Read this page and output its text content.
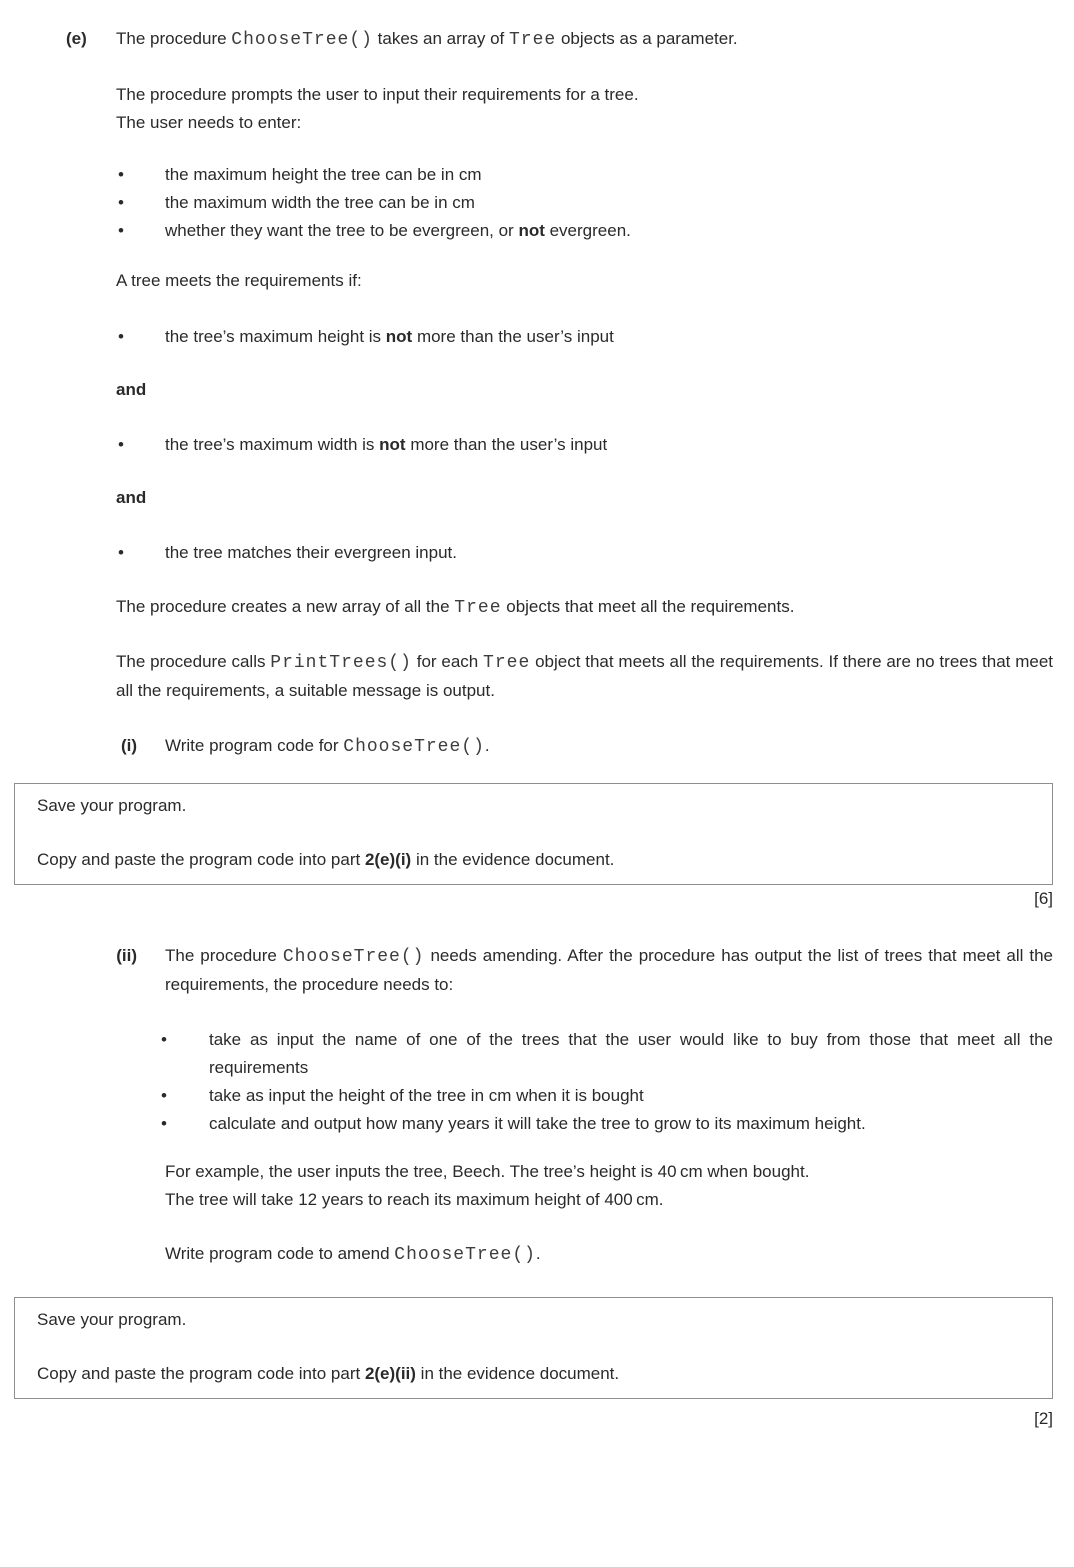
(e)	The procedure ChooseTree() takes an array of Tree objects as a parameter.

The procedure prompts the user to input their requirements for a tree.
The user needs to enter:

•	the maximum height the tree can be in cm
•	the maximum width the tree can be in cm
•	whether they want the tree to be evergreen, or not evergreen.

A tree meets the requirements if:

•	the tree’s maximum height is not more than the user’s input

and

•	the tree’s maximum width is not more than the user’s input

and

•	the tree matches their evergreen input.

The procedure creates a new array of all the Tree objects that meet all the requirements.

The procedure calls PrintTrees() for each Tree object that meets all the requirements. If there are no trees that meet all the requirements, a suitable message is output.

(i) Write program code for ChooseTree().

Save your program.

Copy and paste the program code into part 2(e)(i) in the evidence document.

[6]

(ii) The procedure ChooseTree() needs amending. After the procedure has output the list of trees that meet all the requirements, the procedure needs to:

•	take as input the name of one of the trees that the user would like to buy from those that meet all the requirements
•	take as input the height of the tree in cm when it is bought
•	calculate and output how many years it will take the tree to grow to its maximum height.

For example, the user inputs the tree, Beech. The tree’s height is 40 cm when bought.
The tree will take 12 years to reach its maximum height of 400 cm.

Write program code to amend ChooseTree().

Save your program.

Copy and paste the program code into part 2(e)(ii) in the evidence document.

[2]
